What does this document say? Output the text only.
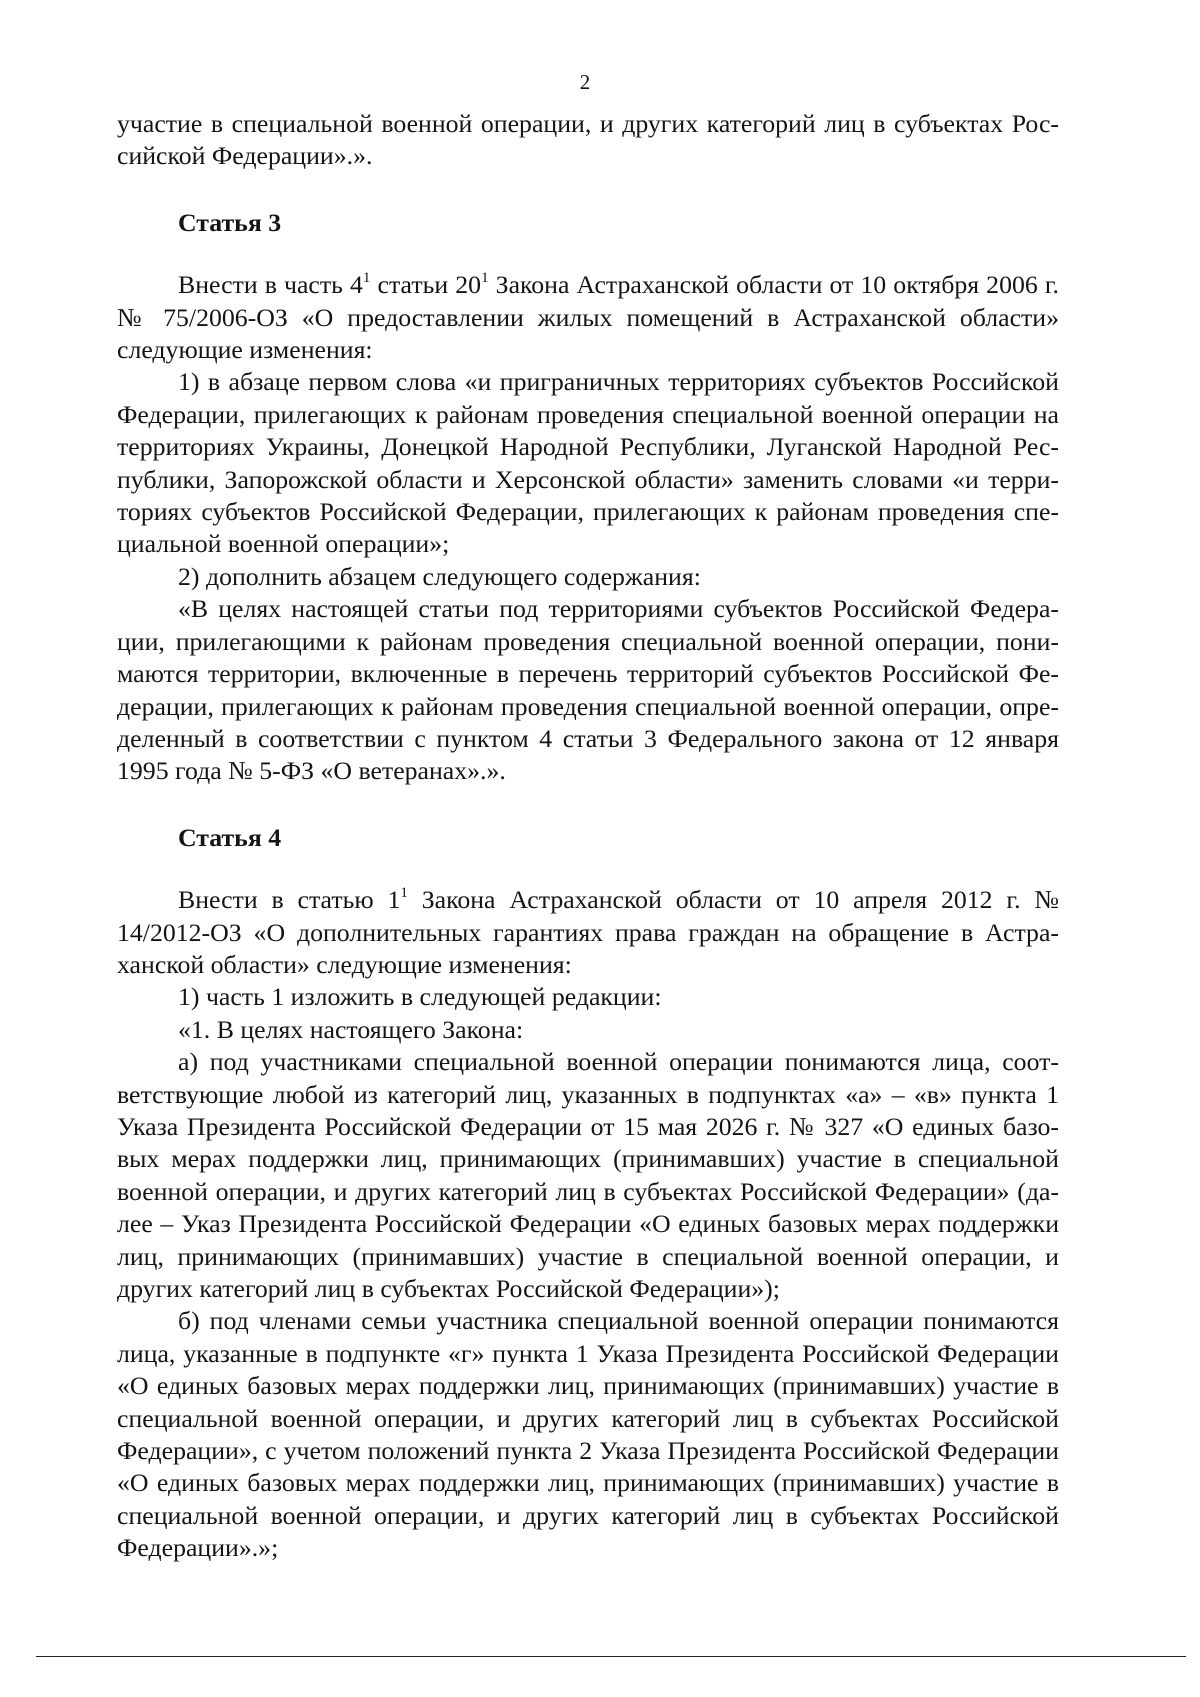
2

участие в специальной военной операции, и других категорий лиц в субъектах Российской Федерации».».

Статья 3

Внести в часть $4^1$ статьи $20^1$ Закона Астраханской области от 10 октября 2006 г. № 75/2006-ОЗ «О предоставлении жилых помещений в Астраханской области» следующие изменения:

1) в абзаце первом слова «и приграничных территориях субъектов Российской Федерации, прилегающих к районам проведения специальной военной операции на территориях Украины, Донецкой Народной Республики, Луганской Народной Республики, Запорожской области и Херсонской области» заменить словами «и территориях субъектов Российской Федерации, прилегающих к районам проведения специальной военной операции»;

2) дополнить абзацем следующего содержания:

«В целях настоящей статьи под территориями субъектов Российской Федерации, прилегающими к районам проведения специальной военной операции, понимаются территории, включенные в перечень территорий субъектов Российской Федерации, прилегающих к районам проведения специальной военной операции, определенный в соответствии с пунктом 4 статьи 3 Федерального закона от 12 января 1995 года № 5-ФЗ «О ветеранах».».

Статья 4

Внести в статью $1^1$ Закона Астраханской области от 10 апреля 2012 г. № 14/2012-ОЗ «О дополнительных гарантиях права граждан на обращение в Астраханской области» следующие изменения:

1) часть 1 изложить в следующей редакции:

«1. В целях настоящего Закона:

а) под участниками специальной военной операции понимаются лица, соответствующие любой из категорий лиц, указанных в подпунктах «а» – «в» пункта 1 Указа Президента Российской Федерации от 15 мая 2026 г. № 327 «О единых базовых мерах поддержки лиц, принимающих (принимавших) участие в специальной военной операции, и других категорий лиц в субъектах Российской Федерации» (далее – Указ Президента Российской Федерации «О единых базовых мерах поддержки лиц, принимающих (принимавших) участие в специальной военной операции, и других категорий лиц в субъектах Российской Федерации»);

б) под членами семьи участника специальной военной операции понимаются лица, указанные в подпункте «г» пункта 1 Указа Президента Российской Федерации «О единых базовых мерах поддержки лиц, принимающих (принимавших) участие в специальной военной операции, и других категорий лиц в субъектах Российской Федерации», с учетом положений пункта 2 Указа Президента Российской Федерации «О единых базовых мерах поддержки лиц, принимающих (принимавших) участие в специальной военной операции, и других категорий лиц в субъектах Российской Федерации».»;
